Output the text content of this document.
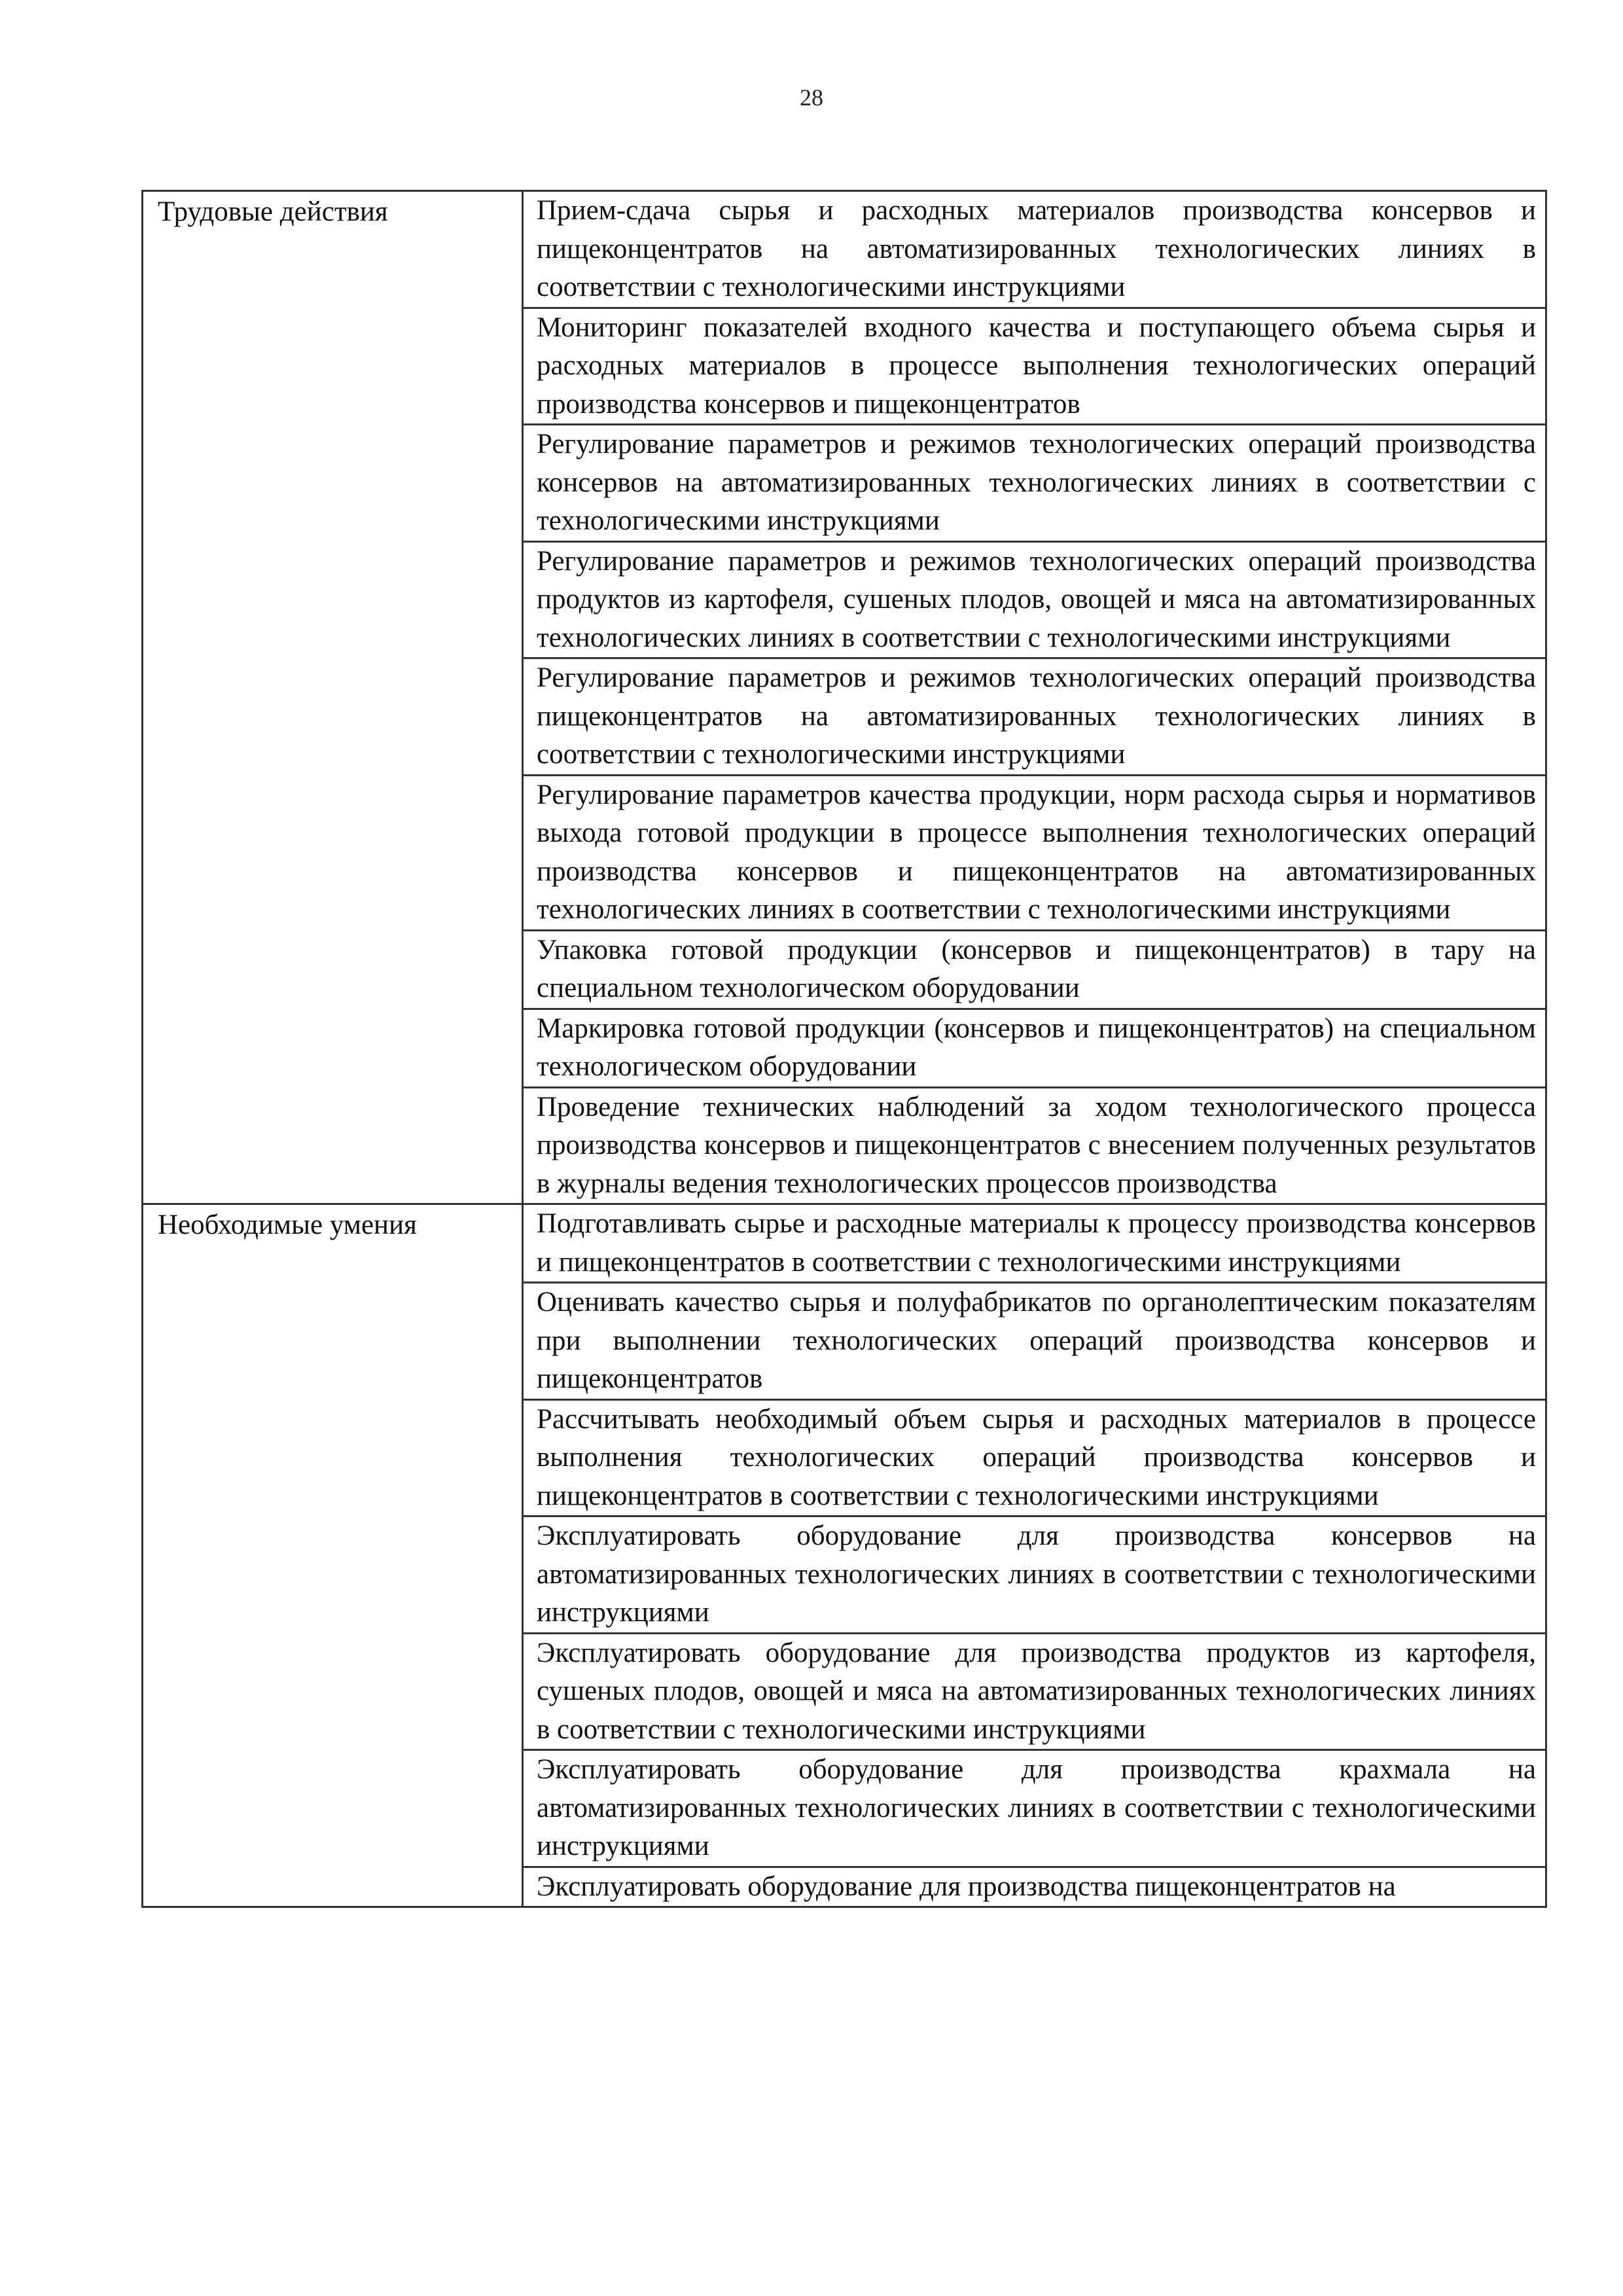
28
Трудовые действия	Прием-сдача сырья и расходных материалов производства консервов и пищеконцентратов на автоматизированных технологических линиях в соответствии с технологическими инструкциями
	Мониторинг показателей входного качества и поступающего объема сырья и расходных материалов в процессе выполнения технологических операций производства консервов и пищеконцентратов
	Регулирование параметров и режимов технологических операций производства консервов на автоматизированных технологических линиях в соответствии с технологическими инструкциями
	Регулирование параметров и режимов технологических операций производства продуктов из картофеля, сушеных плодов, овощей и мяса на автоматизированных технологических линиях в соответствии с технологическими инструкциями
	Регулирование параметров и режимов технологических операций производства пищеконцентратов на автоматизированных технологических линиях в соответствии с технологическими инструкциями
	Регулирование параметров качества продукции, норм расхода сырья и нормативов выхода готовой продукции в процессе выполнения технологических операций производства консервов и пищеконцентратов на автоматизированных технологических линиях в соответствии с технологическими инструкциями
	Упаковка готовой продукции (консервов и пищеконцентратов) в тару на специальном технологическом оборудовании
	Маркировка готовой продукции (консервов и пищеконцентратов) на специальном технологическом оборудовании
	Проведение технических наблюдений за ходом технологического процесса производства консервов и пищеконцентратов с внесением полученных результатов в журналы ведения технологических процессов производства
Необходимые умения	Подготавливать сырье и расходные материалы к процессу производства консервов и пищеконцентратов в соответствии с технологическими инструкциями
	Оценивать качество сырья и полуфабрикатов по органолептическим показателям при выполнении технологических операций производства консервов и пищеконцентратов
	Рассчитывать необходимый объем сырья и расходных материалов в процессе выполнения технологических операций производства консервов и пищеконцентратов в соответствии с технологическими инструкциями
	Эксплуатировать оборудование для производства консервов на автоматизированных технологических линиях в соответствии с технологическими инструкциями
	Эксплуатировать оборудование для производства продуктов из картофеля, сушеных плодов, овощей и мяса на автоматизированных технологических линиях в соответствии с технологическими инструкциями
	Эксплуатировать оборудование для производства крахмала на автоматизированных технологических линиях в соответствии с технологическими инструкциями
	Эксплуатировать оборудование для производства пищеконцентратов на
